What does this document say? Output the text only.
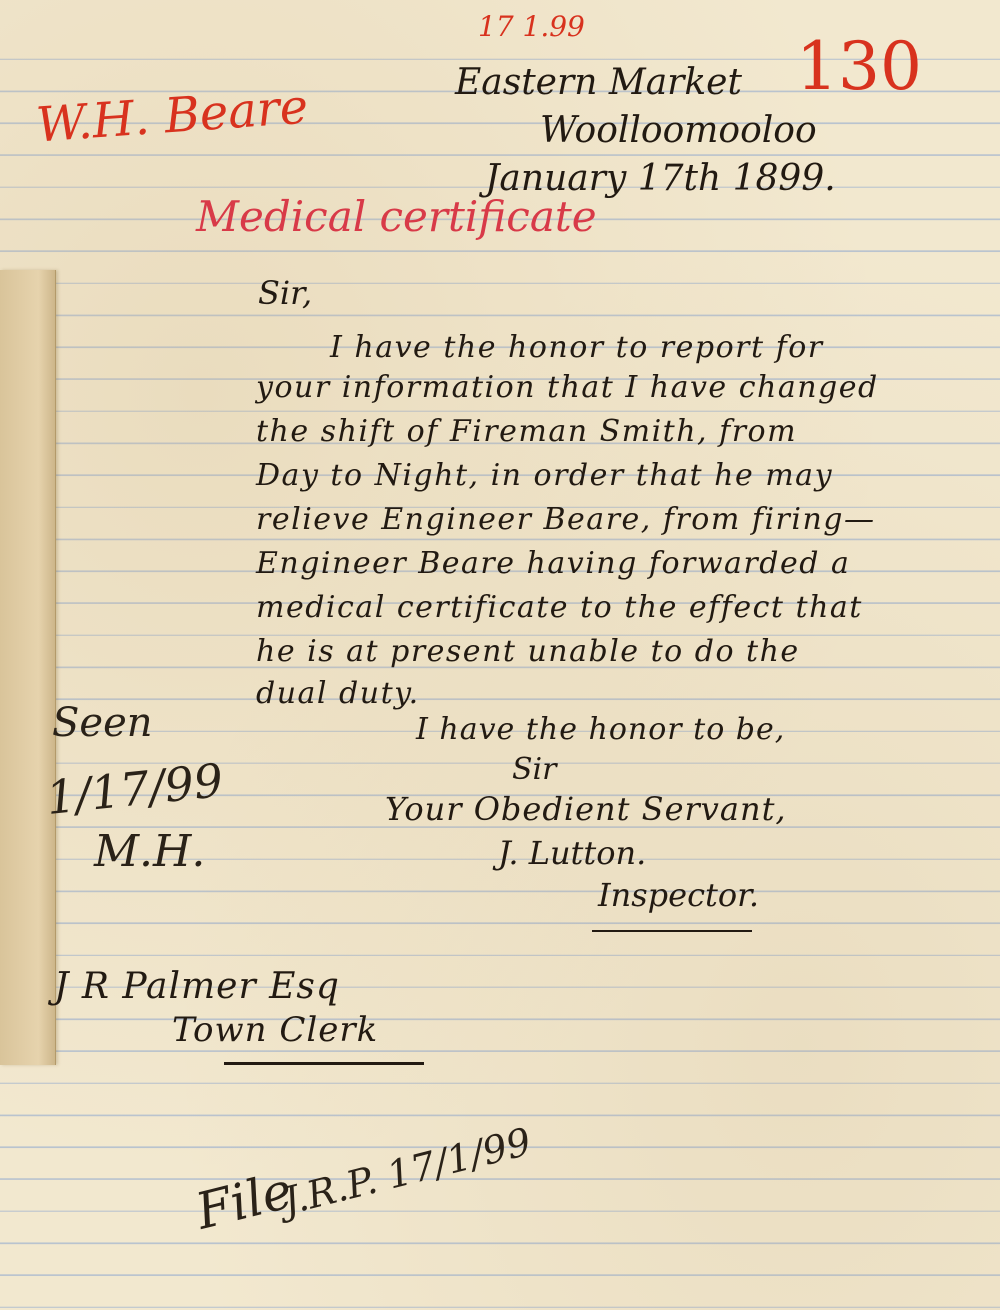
17 1.99
130
W.H. Beare	Eastern Market
Woolloomooloo
January 17th 1899.
Medical certificate
Sir,
I have the honor to report for
your information that I have changed
the shift of Fireman Smith, from
Day to Night, in order that he may
relieve Engineer Beare, from firing—
Engineer Beare having forwarded a
medical certificate to the effect that
he is at present unable to do the
dual duty.
I have the honor to be,
Sir
Your Obedient Servant,
J. Lutton.
Inspector.
Seen
1/17/99
M.H.
J R Palmer Esq
Town Clerk
File
J.R.P. 17/1/99
